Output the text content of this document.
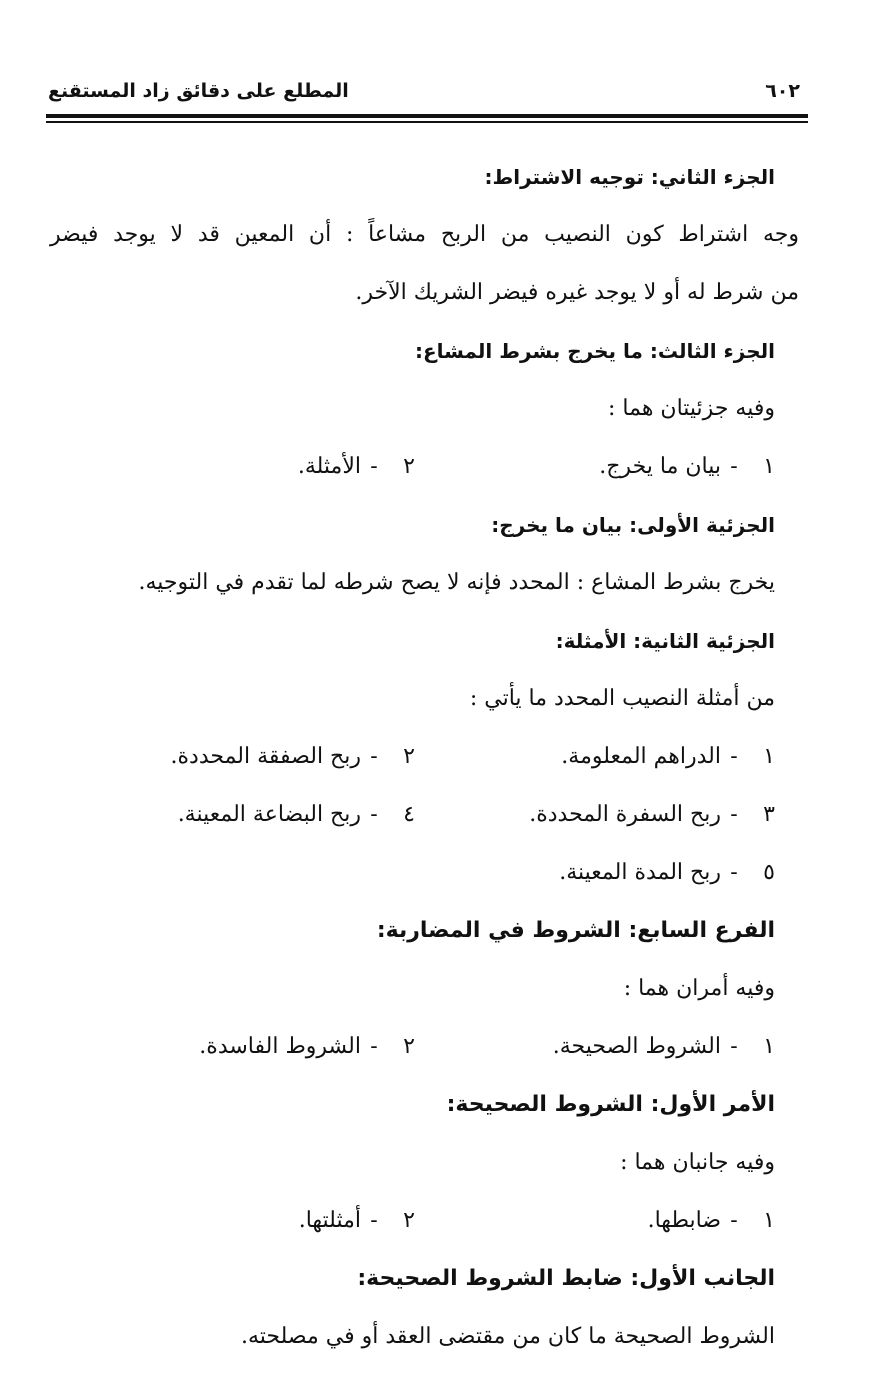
٦٠٢
المطلع على دقائق زاد المستقنع
الجزء الثاني: توجيه الاشتراط:
وجه اشتراط كون النصيب من الربح مشاعاً : أن المعين قد لا يوجد فيضر
من شرط له أو لا يوجد غيره فيضر الشريك الآخر.
الجزء الثالث: ما يخرج بشرط المشاع:
وفيه جزئيتان هما :
١-بيان ما يخرج.
٢-الأمثلة.
الجزئية الأولى: بيان ما يخرج:
يخرج بشرط المشاع : المحدد فإنه لا يصح شرطه لما تقدم في التوجيه.
الجزئية الثانية: الأمثلة:
من أمثلة النصيب المحدد ما يأتي :
١-الدراهم المعلومة.
٢-ربح الصفقة المحددة.
٣-ربح السفرة المحددة.
٤-ربح البضاعة المعينة.
٥-ربح المدة المعينة.
الفرع السابع: الشروط في المضاربة:
وفيه أمران هما :
١-الشروط الصحيحة.
٢-الشروط الفاسدة.
الأمر الأول: الشروط الصحيحة:
وفيه جانبان هما :
١-ضابطها.
٢-أمثلتها.
الجانب الأول: ضابط الشروط الصحيحة:
الشروط الصحيحة ما كان من مقتضى العقد أو في مصلحته.
